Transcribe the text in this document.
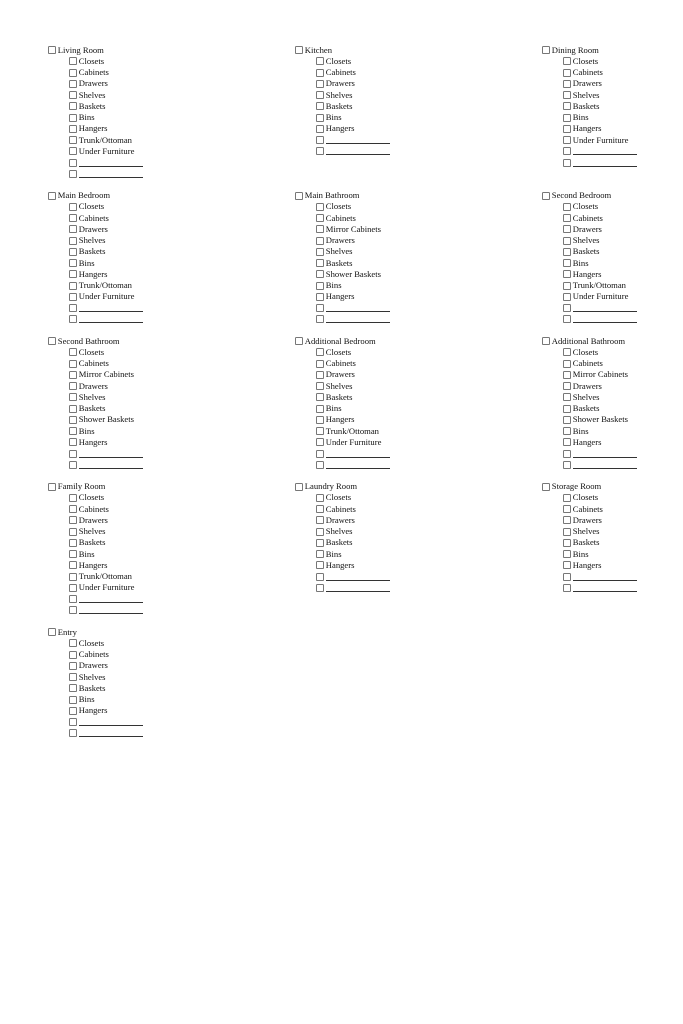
Living Room
Closets
Cabinets
Drawers
Shelves
Baskets
Bins
Hangers
Trunk/Ottoman
Under Furniture
Kitchen
Closets
Cabinets
Drawers
Shelves
Baskets
Bins
Hangers
Dining Room
Closets
Cabinets
Drawers
Shelves
Baskets
Bins
Hangers
Under Furniture
Main Bedroom
Closets
Cabinets
Drawers
Shelves
Baskets
Bins
Hangers
Trunk/Ottoman
Under Furniture
Main Bathroom
Closets
Cabinets
Mirror Cabinets
Drawers
Shelves
Baskets
Shower Baskets
Bins
Hangers
Second Bedroom
Closets
Cabinets
Drawers
Shelves
Baskets
Bins
Hangers
Trunk/Ottoman
Under Furniture
Second Bathroom
Closets
Cabinets
Mirror Cabinets
Drawers
Shelves
Baskets
Shower Baskets
Bins
Hangers
Additional Bedroom
Closets
Cabinets
Drawers
Shelves
Baskets
Bins
Hangers
Trunk/Ottoman
Under Furniture
Additional Bathroom
Closets
Cabinets
Mirror Cabinets
Drawers
Shelves
Baskets
Shower Baskets
Bins
Hangers
Family Room
Closets
Cabinets
Drawers
Shelves
Baskets
Bins
Hangers
Trunk/Ottoman
Under Furniture
Laundry Room
Closets
Cabinets
Drawers
Shelves
Baskets
Bins
Hangers
Storage Room
Closets
Cabinets
Drawers
Shelves
Baskets
Bins
Hangers
Entry
Closets
Cabinets
Drawers
Shelves
Baskets
Bins
Hangers
